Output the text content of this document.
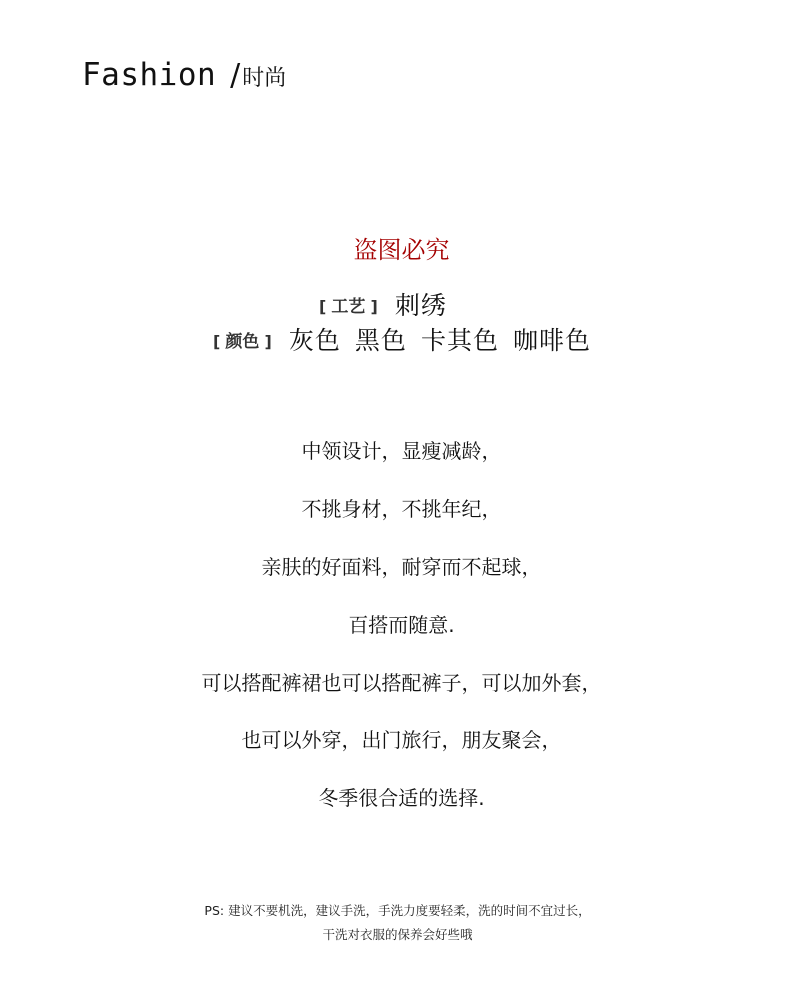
Fashion /时尚
盗图必究
[ 工艺 ] 刺绣
[ 颜色 ] 灰色 黑色 卡其色 咖啡色
中领设计，显瘦减龄，
不挑身材，不挑年纪，
亲肤的好面料，耐穿而不起球，
百搭而随意.
可以搭配裤裙也可以搭配裤子，可以加外套，
也可以外穿，出门旅行，朋友聚会，
冬季很合适的选择.
PS: 建议不要机洗，建议手洗，手洗力度要轻柔，洗的时间不宜过长，
干洗对衣服的保养会好些哦
